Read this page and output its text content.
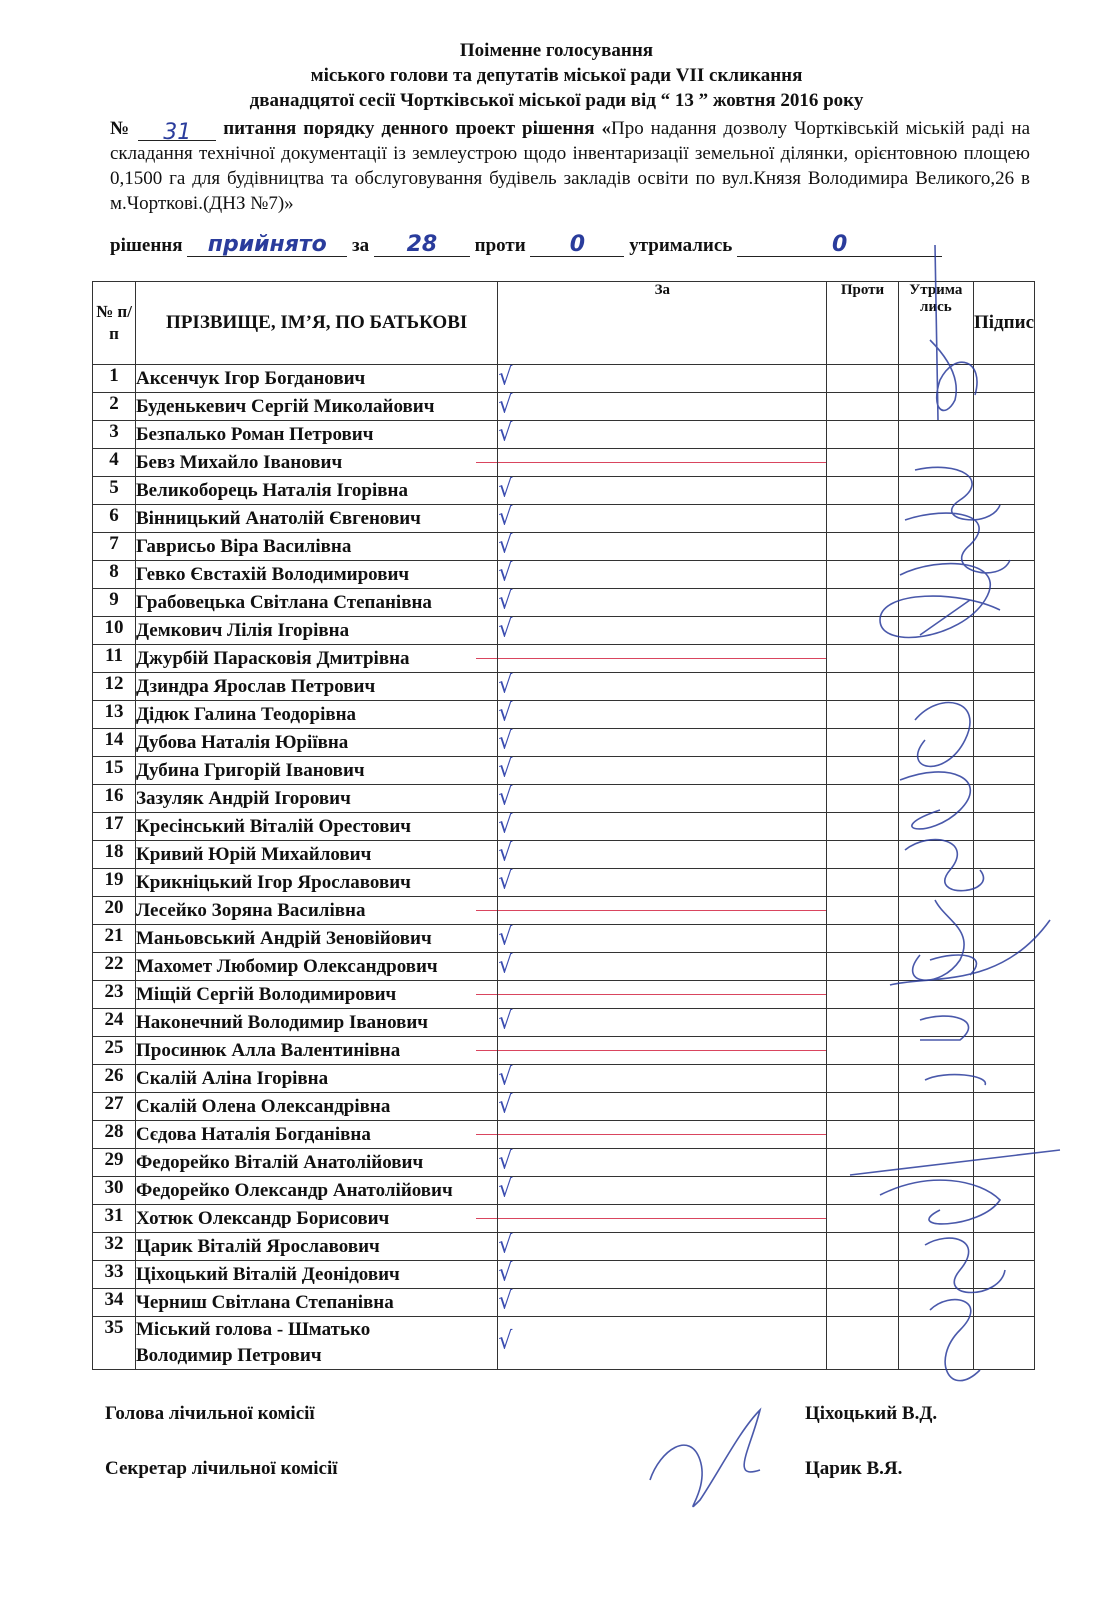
Поіменне голосування
міського голови та депутатів міської ради VII скликання
дванадцятої сесії Чортківської міської ради від “ 13 ” жовтня 2016 року
№ 31 питання порядку денного проект рішення «Про надання дозволу Чортківській міській раді на складання технічної документації із землеустрою щодо інвентаризації земельної ділянки, орієнтовною площею 0,1500 га для будівництва та обслуговування будівель закладів освіти по вул.Князя Володимира Великого,26 в м.Чорткові.(ДНЗ №7)»
рішення прийнято за 28 проти 0 утримались	0
№ п/п	ПРІЗВИЩЕ, ІМ’Я, ПО БАТЬКОВІ	За	Проти	Утрима лись	Підпис
1	Аксенчук Ігор Богданович	√			
2	Буденькевич Сергій Миколайович	√			
3	Безпалько Роман Петрович	√			
4	Бевз Михайло Іванович	

5	Великоборець Наталія Ігорівна	√			
6	Вінницький Анатолій Євгенович	√			
7	Гаврисьо Віра Василівна	√			
8	Гевко Євстахій Володимирович	√			
9	Грабовецька Світлана Степанівна	√			
10	Демкович Лілія Ігорівна	√			
11	Джурбій Парасковія Дмитрівна	

12	Дзиндра Ярослав Петрович	√			
13	Дідюк Галина Теодорівна	√			
14	Дубова Наталія Юріївна	√			
15	Дубина Григорій Іванович	√			
16	Зазуляк Андрій Ігорович	√			
17	Кресінський Віталій Орестович	√			
18	Кривий Юрій Михайлович	√			
19	Крикніцький Ігор Ярославович	√			
20	Лесейко Зоряна Василівна	

21	Маньовський Андрій Зеновійович	√			
22	Махомет Любомир Олександрович	√			
23	Міщій Сергій Володимирович	

24	Наконечний Володимир Іванович	√			
25	Просинюк Алла Валентинівна	

26	Скалій Аліна Ігорівна	√			
27	Скалій Олена Олександрівна	√			
28	Сєдова Наталія Богданівна	

29	Федорейко Віталій Анатолійович	√			
30	Федорейко Олександр Анатолійович	√			
31	Хотюк Олександр Борисович	

32	Царик Віталій Ярославович	√			
33	Ціхоцький Віталій Деонідович	√			
34	Черниш Світлана Степанівна	√			
35	Міський голова - Шматько Володимир Петрович	√			
Голова лічильної комісії	Ціхоцький В.Д.
Секретар лічильної комісії	Царик В.Я.
